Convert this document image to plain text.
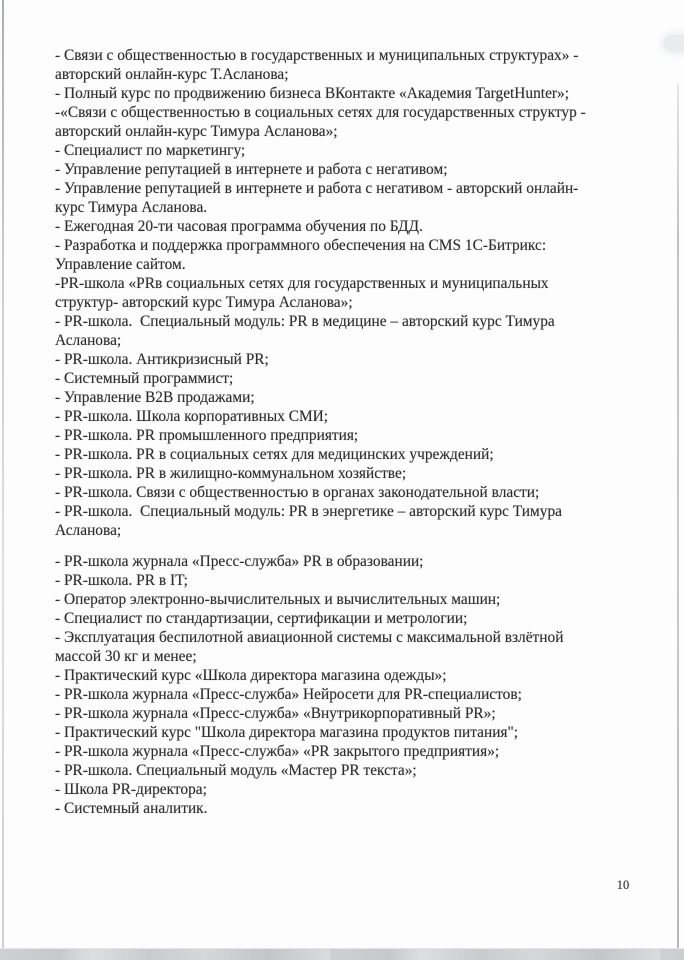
- Связи с общественностью в государственных и муниципальных структурах» -
авторский онлайн-курс Т.Асланова;
- Полный курс по продвижению бизнеса ВКонтакте «Академия TargetHunter»;
-«Связи с общественностью в социальных сетях для государственных структур -
авторский онлайн-курс Тимура Асланова»;
- Специалист по маркетингу;
- Управление репутацией в интернете и работа с негативом;
- Управление репутацией в интернете и работа с негативом - авторский онлайн-
курс Тимура Асланова.
- Ежегодная 20-ти часовая программа обучения по БДД.
- Разработка и поддержка программного обеспечения на CMS 1С-Битрикс:
Управление сайтом.
-PR-школа «PRв социальных сетях для государственных и муниципальных
структур- авторский курс Тимура Асланова»;
- PR-школа.  Специальный модуль: PR в медицине – авторский курс Тимура
Асланова;
- PR-школа. Антикризисный PR;
- Системный программист;
- Управление B2B продажами;
- PR-школа. Школа корпоративных СМИ;
- PR-школа. PR промышленного предприятия;
- PR-школа. PR в социальных сетях для медицинских учреждений;
- PR-школа. PR в жилищно-коммунальном хозяйстве;
- PR-школа. Связи с общественностью в органах законодательной власти;
- PR-школа.  Специальный модуль: PR в энергетике – авторский курс Тимура
Асланова;
- PR-школа журнала «Пресс-служба» PR в образовании;
- PR-школа. PR в IT;
- Оператор электронно-вычислительных и вычислительных машин;
- Специалист по стандартизации, сертификации и метрологии;
- Эксплуатация беспилотной авиационной системы с максимальной взлётной
массой 30 кг и менее;
- Практический курс «Школа директора магазина одежды»;
- PR-школа журнала «Пресс-служба» Нейросети для PR-специалистов;
- PR-школа журнала «Пресс-служба» «Внутрикорпоративный PR»;
- Практический курс "Школа директора магазина продуктов питания";
- PR-школа журнала «Пресс-служба» «PR закрытого предприятия»;
- PR-школа. Специальный модуль «Мастер PR текста»;
- Школа PR-директора;
- Системный аналитик.
10
